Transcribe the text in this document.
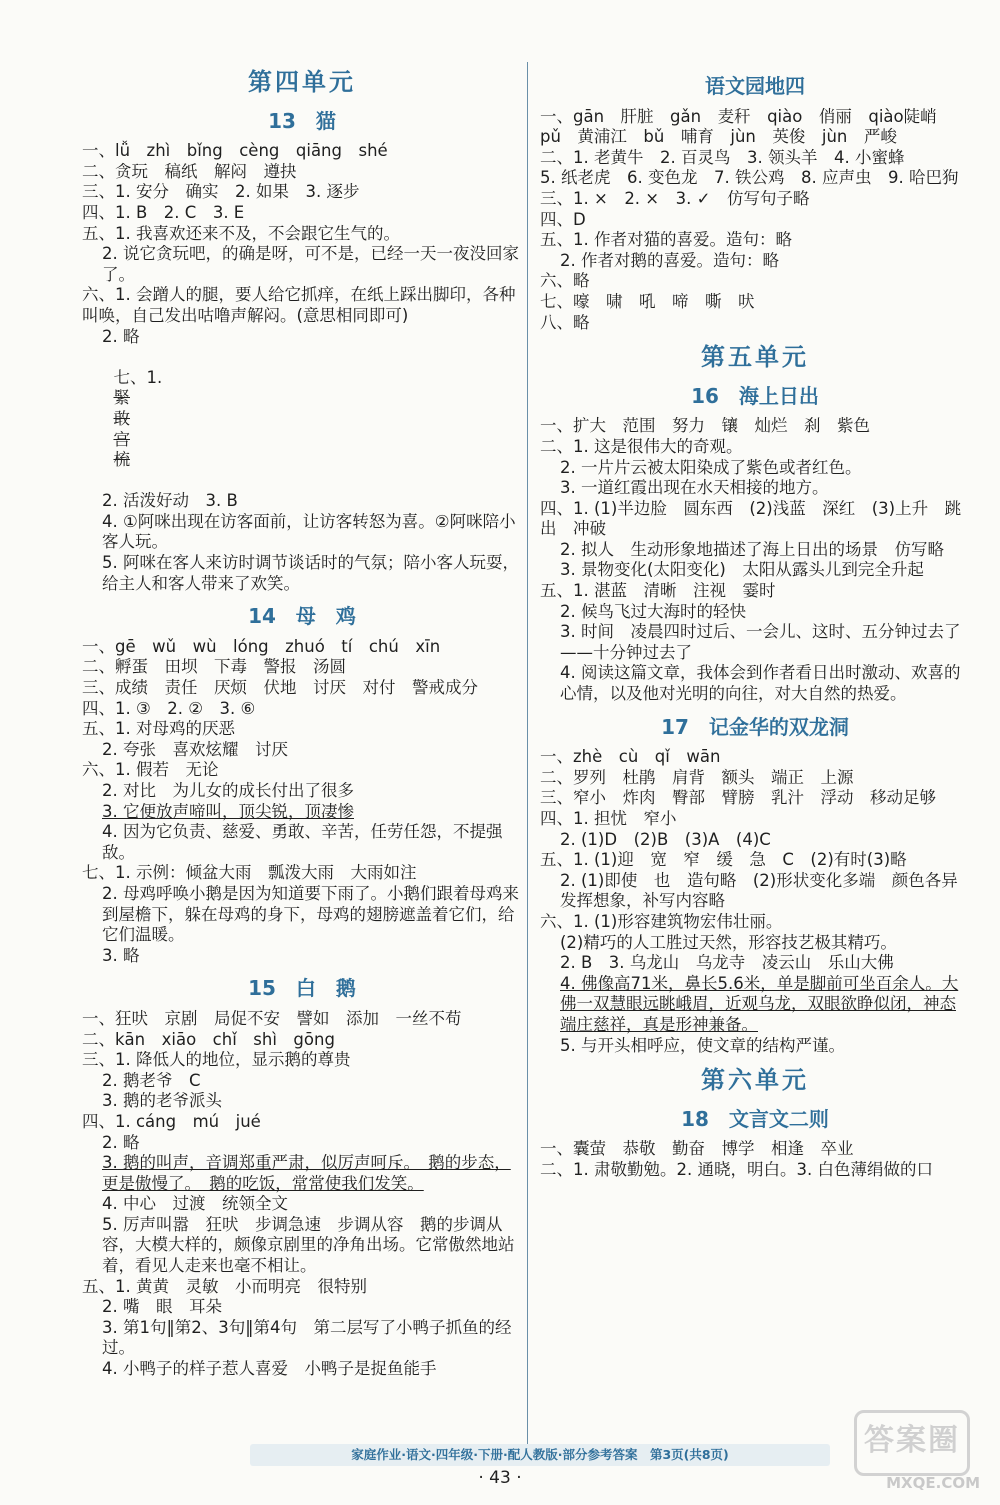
第四单元
13　猫

一、lǚ　zhì　bǐng　cèng　qiāng　shé

二、贪玩　稿纸　解闷　遵抉

三、1. 安分　确实　2. 如果　3. 逐步

四、1. B　2. C　3. E

五、1. 我喜欢还来不及，不会跟它生气的。

2. 说它贪玩吧，的确是呀，可不是，已经一天一夜没回家了。

六、1. 会蹭人的腿，要人给它抓痒，在纸上踩出脚印，各种叫唤，自己发出咕噜声解闷。(意思相同即可)

2. 略

七、1.
緊　
敢　
宫　
梳

2. 活泼好动　3. B

4. ①阿咪出现在访客面前，让访客转怒为喜。②阿咪陪小客人玩。

5. 阿咪在客人来访时调节谈话时的气氛；陪小客人玩耍，给主人和客人带来了欢笑。

14　母　鸡

一、gē　wǔ　wù　lóng　zhuó　tí　chú　xīn

二、孵蛋　田坝　下毒　警报　汤圆

三、成绩　责任　厌烦　伏地　讨厌　对付　警戒成分

四、1. ③　2. ②　3. ⑥

五、1. 对母鸡的厌恶

2. 夸张　喜欢炫耀　讨厌

六、1. 假若　无论

2. 对比　为儿女的成长付出了很多

3. 它便放声啼叫，顶尖锐，顶凄惨

4. 因为它负责、慈爱、勇敢、辛苦，任劳任怨，不提强敌。

七、1. 示例：倾盆大雨　瓢泼大雨　大雨如注

2. 母鸡呼唤小鹅是因为知道要下雨了。小鹅们跟着母鸡来到屋檐下，躲在母鸡的身下，母鸡的翅膀遮盖着它们，给它们温暖。

3. 略

15　白　鹅

一、狂吠　京剧　局促不安　譬如　添加　一丝不苟

二、kān　xiāo　chǐ　shì　gōng

三、1. 降低人的地位，显示鹅的尊贵

2. 鹅老爷　C

3. 鹅的老爷派头

四、1. cáng　mú　jué

2. 略

3. 鹅的叫声，音调郑重严肃，似厉声呵斥。　鹅的步态，更是傲慢了。　鹅的吃饭，常常使我们发笑。

4. 中心　过渡　统领全文

5. 厉声叫嚣　狂吠　步调急速　步调从容　鹅的步调从容，大模大样的，颇像京剧里的净角出场。它常傲然地站着，看见人走来也毫不相让。

五、1. 黄黄　灵敏　小而明亮　很特别

2. 嘴　眼　耳朵

3. 第1句‖第2、3句‖第4句　第二层写了小鸭子抓鱼的经过。

4. 小鸭子的样子惹人喜爱　小鸭子是捉鱼能手

语文园地四

一、gān　肝脏　gǎn　麦秆　qiào　俏丽　qiào陡峭　pǔ　黄浦江　bǔ　哺育　jùn　英俊　jùn　严峻

二、1. 老黄牛　2. 百灵鸟　3. 领头羊　4. 小蜜蜂

5. 纸老虎　6. 变色龙　7. 铁公鸡　8. 应声虫　9. 哈巴狗

三、1. ×　2. ×　3. ✓　仿写句子略

四、D

五、1. 作者对猫的喜爱。造句：略

2. 作者对鹅的喜爱。造句：略

六、略

七、嚎　啸　吼　啼　嘶　吠

八、略

第五单元
16　海上日出

一、扩大　范围　努力　镶　灿烂　刹　紫色

二、1. 这是很伟大的奇观。

2. 一片片云被太阳染成了紫色或者红色。

3. 一道红霞出现在水天相接的地方。

四、1. (1)半边脸　圆东西　(2)浅蓝　深红　(3)上升　跳出　冲破

2. 拟人　生动形象地描述了海上日出的场景　仿写略

3. 景物变化(太阳变化)　太阳从露头儿到完全升起

五、1. 湛蓝　清晰　注视　霎时

2. 候鸟飞过大海时的轻快

3. 时间　凌晨四时过后、一会儿、这时、五分钟过去了——十分钟过去了

4. 阅读这篇文章，我体会到作者看日出时激动、欢喜的心情，以及他对光明的向往，对大自然的热爱。

17　记金华的双龙洞

一、zhè　cù　qǐ　wān

二、罗列　杜鹃　肩背　额头　端正　上源

三、窄小　炸肉　臀部　臂膀　乳汁　浮动　移动足够

四、1. 担忧　窄小

2. (1)D　(2)B　(3)A　(4)C

五、1. (1)迎　宽　窄　缓　急　C　(2)有时(3)略

2. (1)即使　也　造句略　(2)形状变化多端　颜色各异　发挥想象，补写内容略

六、1. (1)形容建筑物宏伟壮丽。

(2)精巧的人工胜过天然，形容技艺极其精巧。

2. B　3. 乌龙山　乌龙寺　凌云山　乐山大佛

4. 佛像高71米，鼻长5.6米，单是脚前可坐百余人。大佛一双慧眼远眺峨眉，近观乌龙，双眼欲睁似闭，神态端庄慈祥，真是形神兼备。

5. 与开头相呼应，使文章的结构严谨。

第六单元
18　文言文二则

一、囊萤　恭敬　勤奋　博学　相逢　卒业

二、1. 肃敬勤勉。2. 通晓，明白。3. 白色薄绢做的口

家庭作业·语文·四年级·下册·配人教版·部分参考答案　第3页(共8页)
· 43 ·
答案圈
MXQE.COM
